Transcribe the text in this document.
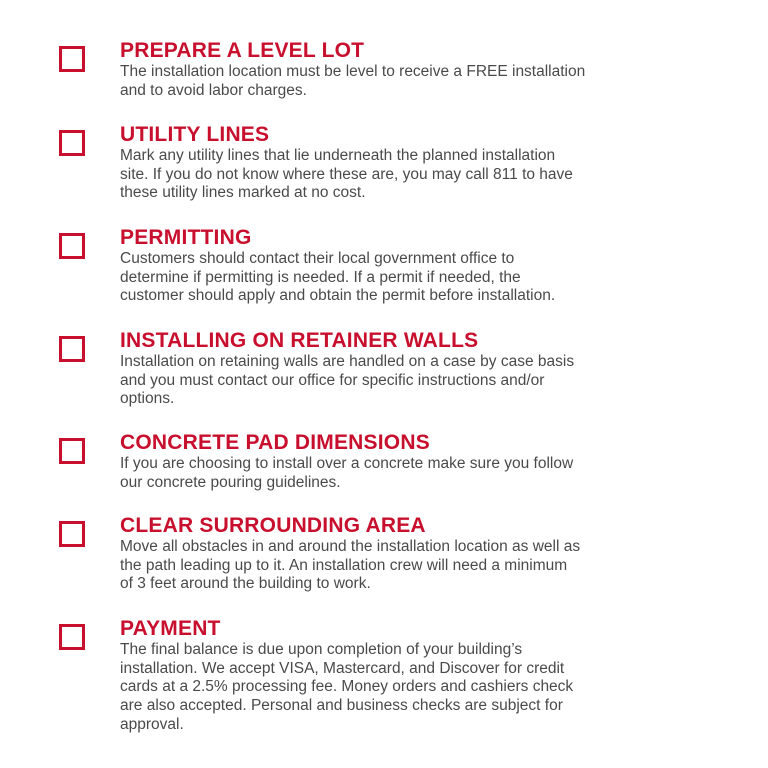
PREPARE A LEVEL LOT

The installation location must be level to receive a FREE installation
and to avoid labor charges.

UTILITY LINES

Mark any utility lines that lie underneath the planned installation
site. If you do not know where these are, you may call 811 to have
these utility lines marked at no cost.

PERMITTING

Customers should contact their local government office to
determine if permitting is needed. If a permit if needed, the
customer should apply and obtain the permit before installation.

INSTALLING ON RETAINER WALLS

Installation on retaining walls are handled on a case by case basis
and you must contact our office for specific instructions and/or
options.

CONCRETE PAD DIMENSIONS

If you are choosing to install over a concrete make sure you follow
our concrete pouring guidelines.

CLEAR SURROUNDING AREA

Move all obstacles in and around the installation location as well as
the path leading up to it. An installation crew will need a minimum
of 3 feet around the building to work.

PAYMENT

The final balance is due upon completion of your building’s
installation. We accept VISA, Mastercard, and Discover for credit
cards at a 2.5% processing fee. Money orders and cashiers check
are also accepted. Personal and business checks are subject for
approval.
